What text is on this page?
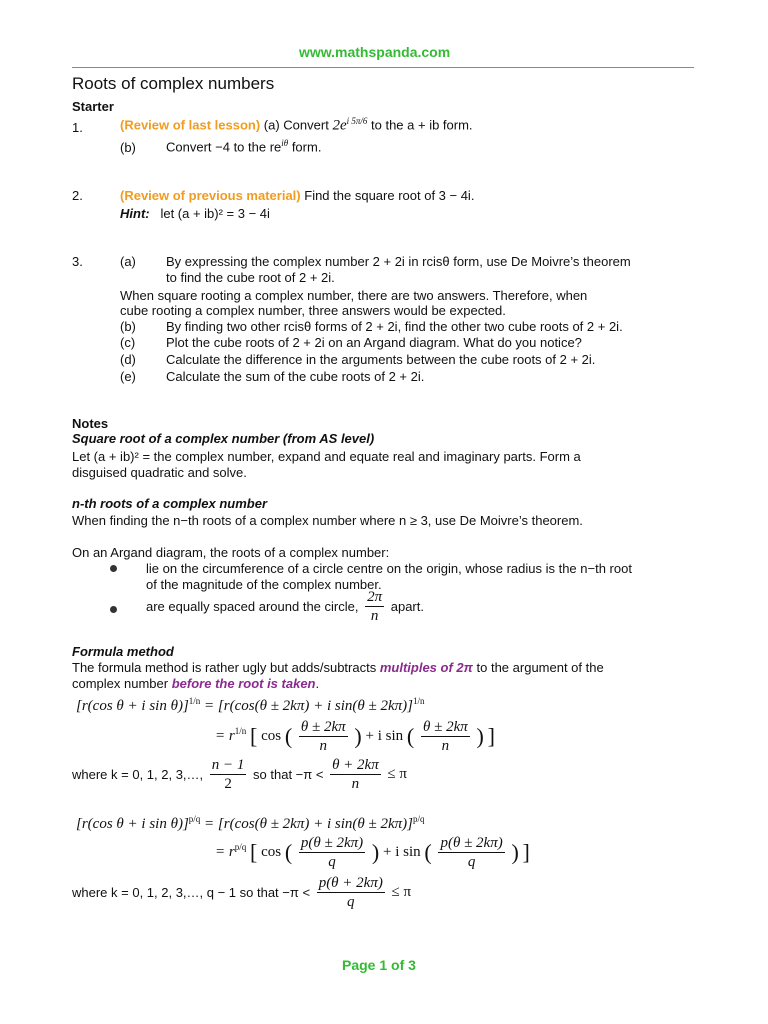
www.mathspanda.com
Roots of complex numbers
Starter
1.	(Review of last lesson) (a) Convert $2e^{i 5\pi/6}$ to the a + ib form.
(b) Convert −4 to the $re^{i\theta}$ form.
2.	(Review of previous material) Find the square root of 3 − 4i.
Hint: let (a + ib)² = 3 − 4i
3.	(a) By expressing the complex number 2 + 2i in rcisθ form, use De Moivre’s theorem
to find the cube root of 2 + 2i.
When square rooting a complex number, there are two answers. Therefore, when
cube rooting a complex number, three answers would be expected.
(b) By finding two other rcisθ forms of 2 + 2i, find the other two cube roots of 2 + 2i.
(c) Plot the cube roots of 2 + 2i on an Argand diagram. What do you notice?
(d) Calculate the difference in the arguments between the cube roots of 2 + 2i.
(e) Calculate the sum of the cube roots of 2 + 2i.
Notes
Square root of a complex number (from AS level)
Let (a + ib)² = the complex number, expand and equate real and imaginary parts. Form a
disguised quadratic and solve.
n-th roots of a complex number
When finding the n−th roots of a complex number where n ≥ 3, use De Moivre’s theorem.
On an Argand diagram, the roots of a complex number:
lie on the circumference of a circle centre on the origin, whose radius is the n−th root
of the magnitude of the complex number.
are equally spaced around the circle, $\frac{2\pi}{n}$ apart.
Formula method
The formula method is rather ugly but adds/subtracts multiples of 2π to the argument of the
complex number before the root is taken.
[r(cos θ + i sin θ)]$^{1/n}$ = [r(cos(θ ± 2kπ) + i sin(θ ± 2kπ)]$^{1/n}$
= $r^{1/n}$ [ cos ( $\frac{\theta \pm 2k\pi}{n}$ ) + i sin ( $\frac{\theta \pm 2k\pi}{n}$ ) ]
where k = 0, 1, 2, 3,…, $\frac{n - 1}{2}$ so that $-\pi < \frac{\theta + 2k\pi}{n} \le \pi$
[r(cos θ + i sin θ)]$^{p/q}$ = [r(cos(θ ± 2kπ) + i sin(θ ± 2kπ)]$^{p/q}$
= $r^{p/q}$ [ cos ( $\frac{p(\theta \pm 2k\pi)}{q}$ ) + i sin ( $\frac{p(\theta \pm 2k\pi)}{q}$ ) ]
where k = 0, 1, 2, 3,…, q − 1 so that $-\pi < \frac{p(\theta + 2k\pi)}{q} \le \pi$
Page 1 of 3
